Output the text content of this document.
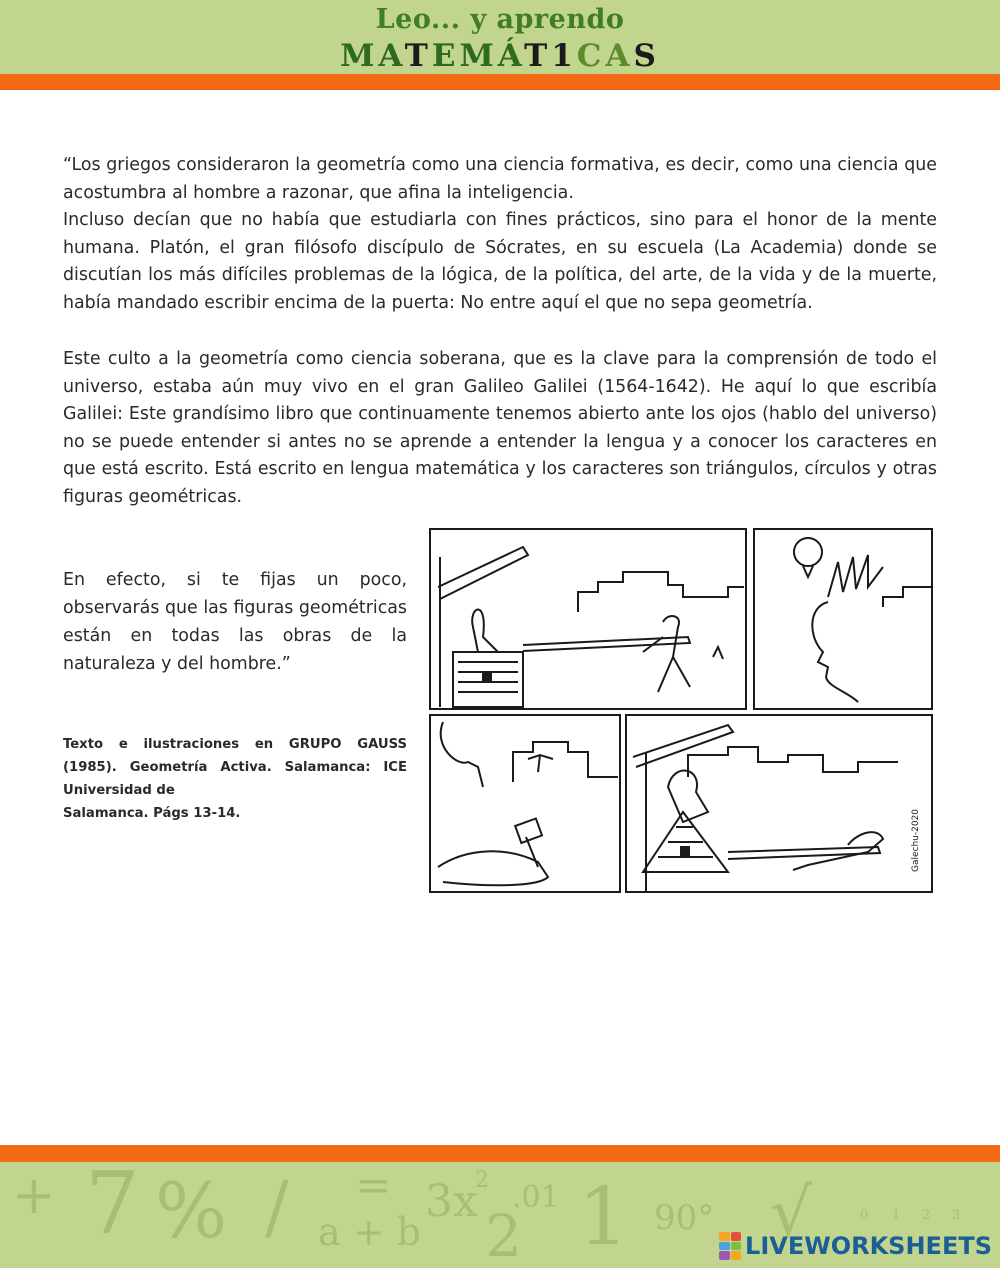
Leo... y aprendo
MATEMÁT1CAS
“Los griegos consideraron la geometría como una ciencia formativa, es decir, como una ciencia que acostumbra al hombre a razonar, que afina la inteligencia.
Incluso decían que no había que estudiarla con fines prácticos, sino para el honor de la mente humana. Platón, el gran filósofo discípulo de Sócrates, en su escuela (La Academia) donde se discutían los más difíciles problemas de la lógica, de la política, del arte, de la vida y de la muerte, había mandado escribir encima de la puerta: No entre aquí el que no sepa geometría.
Este culto a la geometría como ciencia soberana, que es la clave para la comprensión de todo el universo, estaba aún muy vivo en el gran Galileo Galilei (1564-1642). He aquí lo que escribía Galilei: Este grandísimo libro que continuamente tenemos abierto ante los ojos (hablo del universo) no se puede entender si antes no se aprende a entender la lengua y a conocer los caracteres en que está escrito. Está escrito en lengua matemática y los caracteres son triángulos, círculos y otras figuras geométricas.
En efecto, si te fijas un poco, observarás que las figuras geométricas están en todas las obras de la naturaleza y del hombre.”
Texto e ilustraciones en GRUPO GAUSS (1985). Geometría Activa. Salamanca: ICE Universidad de
Salamanca. Págs 13-14.	Galechu-2020
+ 7 % / =
a + b
3x
2 .01
2 1 90° √	0 1 2 3
LIVEWORKSHEETS
